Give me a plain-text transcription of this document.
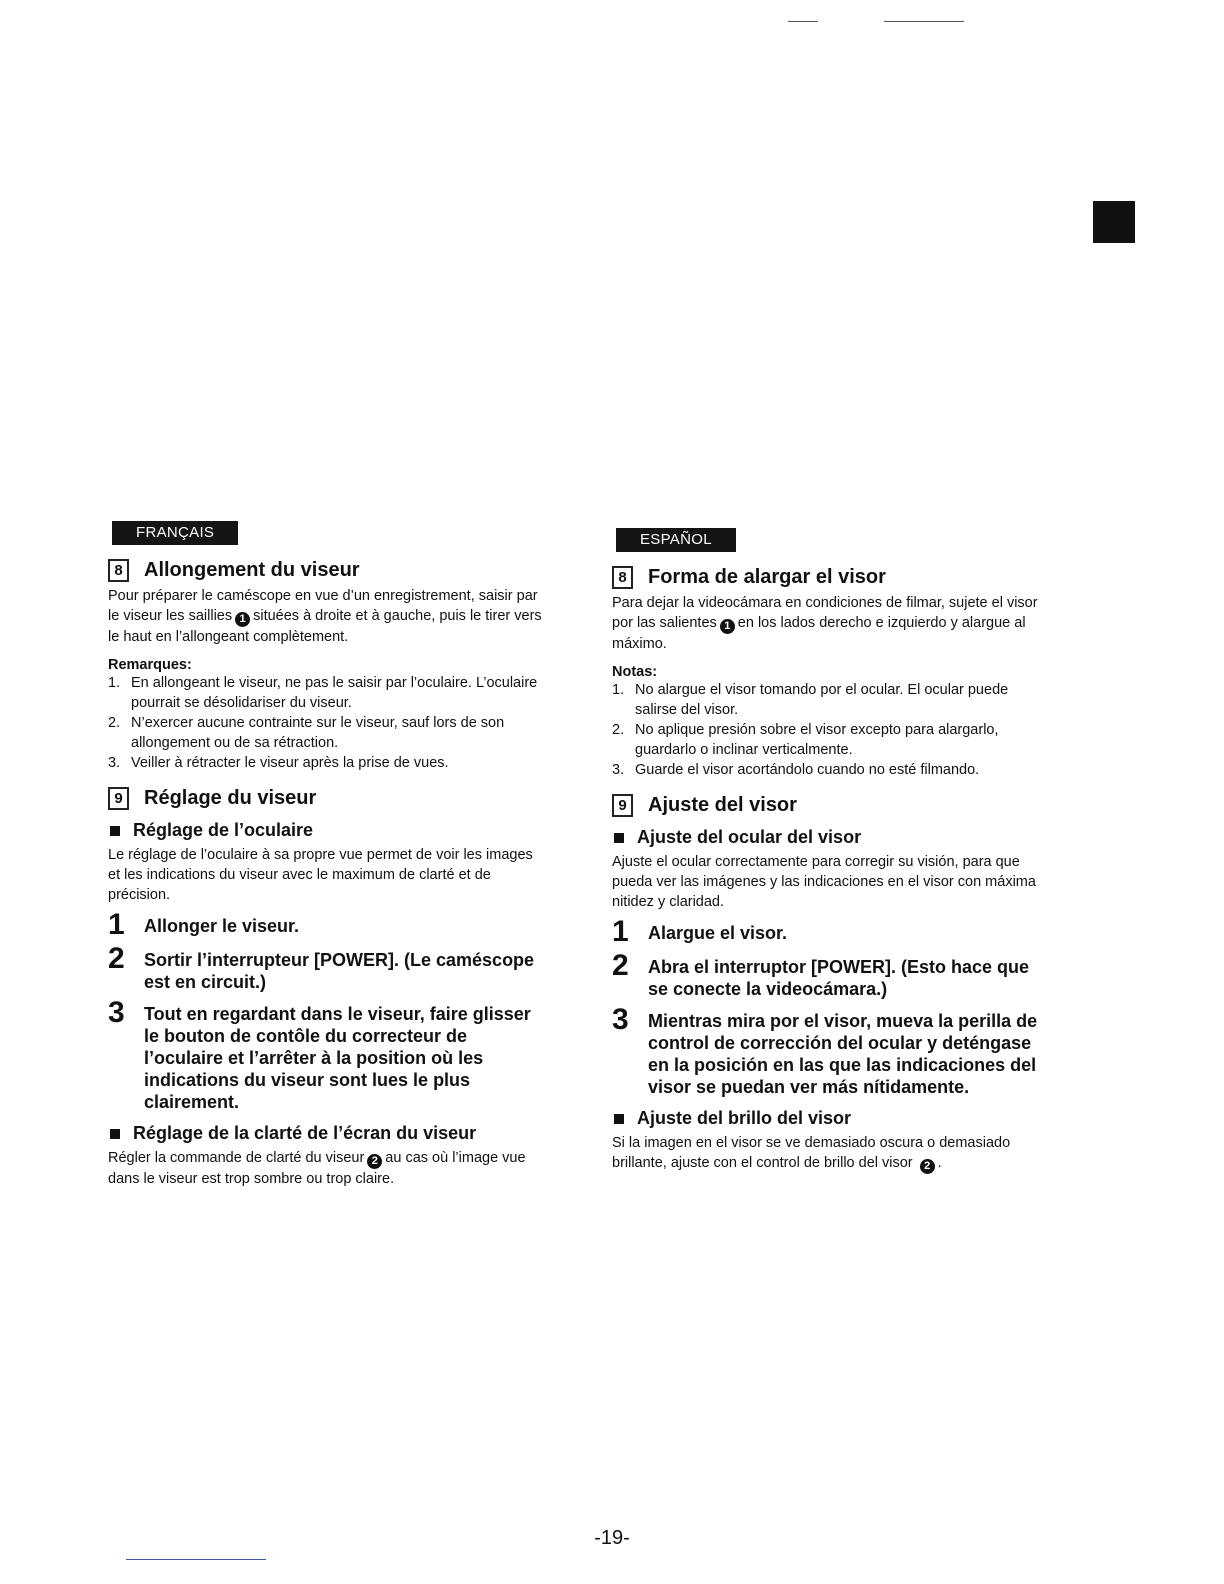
FRANÇAIS
8	Allongement du viseur
Pour préparer le caméscope en vue d’un enregistrement, saisir par le viseur les saillies 1 situées à droite et à gauche, puis le tirer vers le haut en l’allongeant complètement.
Remarques:
1. En allongeant le viseur, ne pas le saisir par l’oculaire. L’oculaire pourrait se désolidariser du viseur.
2. N’exercer aucune contrainte sur le viseur, sauf lors de son allongement ou de sa rétraction.
3. Veiller à rétracter le viseur après la prise de vues.
9	Réglage du viseur
Réglage de l’oculaire
Le réglage de l’oculaire à sa propre vue permet de voir les images et les indications du viseur avec le maximum de clarté et de précision.
1	Allonger le viseur.
2	Sortir l’interrupteur [POWER]. (Le caméscope est en circuit.)
3	Tout en regardant dans le viseur, faire glisser le bouton de contôle du correcteur de l’oculaire et l’arrêter à la position où les indications du viseur sont lues le plus clairement.
Réglage de la clarté de l’écran du viseur
Régler la commande de clarté du viseur 2 au cas où l’image vue dans le viseur est trop sombre ou trop claire.
ESPAÑOL
8	Forma de alargar el visor
Para dejar la videocámara en condiciones de filmar, sujete el visor por las salientes 1 en los lados derecho e izquierdo y alargue al máximo.
Notas:
1. No alargue el visor tomando por el ocular. El ocular puede salirse del visor.
2. No aplique presión sobre el visor excepto para alargarlo, guardarlo o inclinar verticalmente.
3. Guarde el visor acortándolo cuando no esté filmando.
9	Ajuste del visor
Ajuste del ocular del visor
Ajuste el ocular correctamente para corregir su visión, para que pueda ver las imágenes y las indicaciones en el visor con máxima nitidez y claridad.
1	Alargue el visor.
2	Abra el interruptor [POWER]. (Esto hace que se conecte la videocámara.)
3	Mientras mira por el visor, mueva la perilla de control de corrección del ocular y deténgase en la posición en las que las indicaciones del visor se puedan ver más nítidamente.
Ajuste del brillo del visor
Si la imagen en el visor se ve demasiado oscura o demasiado brillante, ajuste con el control de brillo del visor 2 .
-19-
